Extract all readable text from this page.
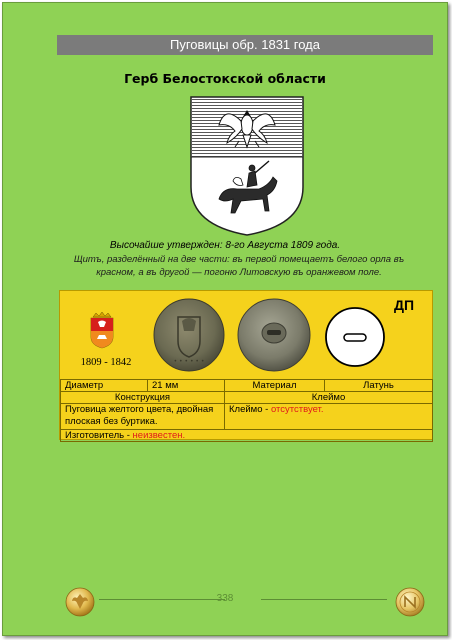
Пуговицы обр. 1831 года
Герб Белостокской области
Высочайше утвержден: 8-го Августа 1809 года.
Щитъ, разделённый на две части: въ первой помещаетъ белого орла въ красном, а въ другой — погоню Литовскую въ оранжевом поле.
1809 - 1842	• • • • • •
ДП
Диаметр	21 мм	Материал	Латунь
Конструкция		Клеймо	
Пуговица желтого цвета, двойная плоская без буртика.		Клеймо - отсутствует.	
Изготовитель - неизвестен.			
338
